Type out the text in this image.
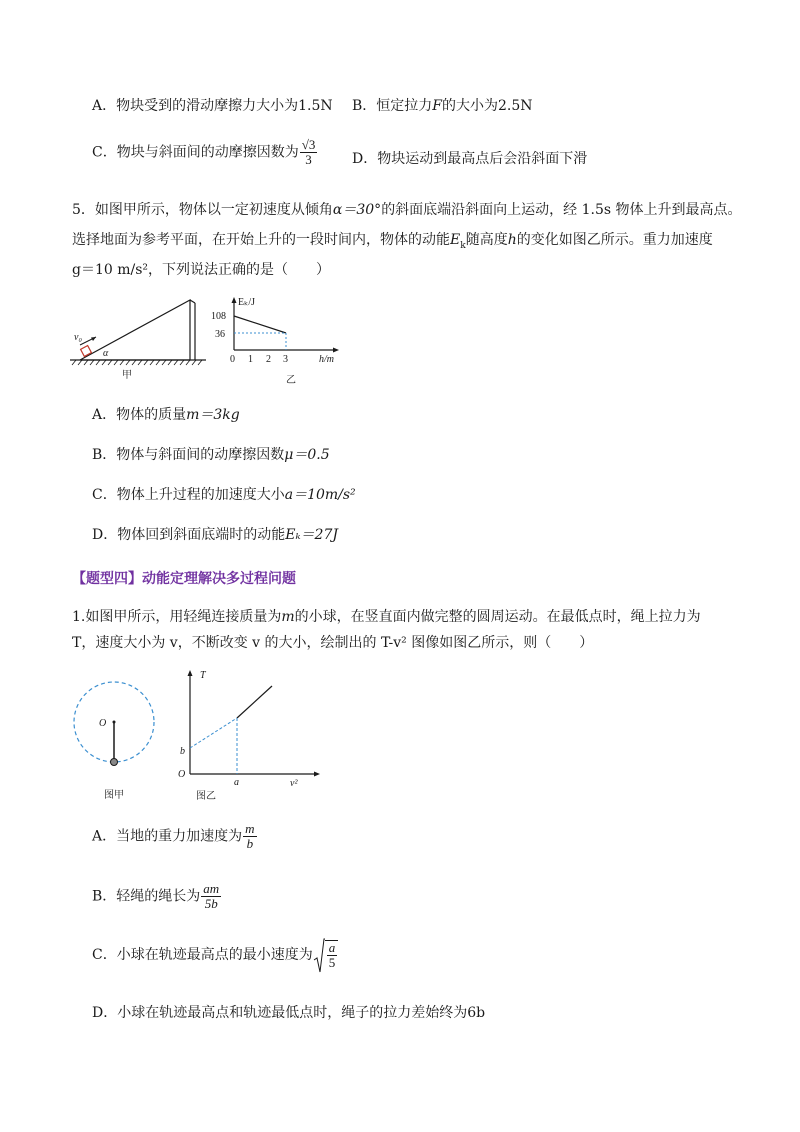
A．物块受到的滑动摩擦力大小为1.5N B．恒定拉力F的大小为2.5N
C．物块与斜面间的动摩擦因数为 $\frac{√3}{3}$ D．物块运动到最高点后会沿斜面下滑
5．如图甲所示，物体以一定初速度从倾角α＝30°的斜面底端沿斜面向上运动，经 1.5s 物体上升到最高点。
选择地面为参考平面，在开始上升的一段时间内，物体的动能$E_k$随高度h的变化如图乙所示。重力加速度
g＝10 m/s²，下列说法正确的是（　　）
v₀
α
甲
Eₖ/J
108
36
0 1 2 3	h/m
乙
A．物体的质量m＝3kg
B．物体与斜面间的动摩擦因数μ＝0.5
C．物体上升过程的加速度大小a＝10m/s²
D．物体回到斜面底端时的动能Eₖ＝27J
【题型四】动能定理解决多过程问题
1.如图甲所示，用轻绳连接质量为m的小球，在竖直面内做完整的圆周运动。在最低点时，绳上拉力为
T，速度大小为 v，不断改变 v 的大小，绘制出的 T-v² 图像如图乙所示，则（　　）
O
图甲
T
b
O
a	v²
图乙
A．当地的重力加速度为 $\frac{m}{b}$
B．轻绳的绳长为 $\frac{am}{5b}$
C．小球在轨迹最高点的最小速度为 $\frac{a}{5}$
D．小球在轨迹最高点和轨迹最低点时，绳子的拉力差始终为6b
